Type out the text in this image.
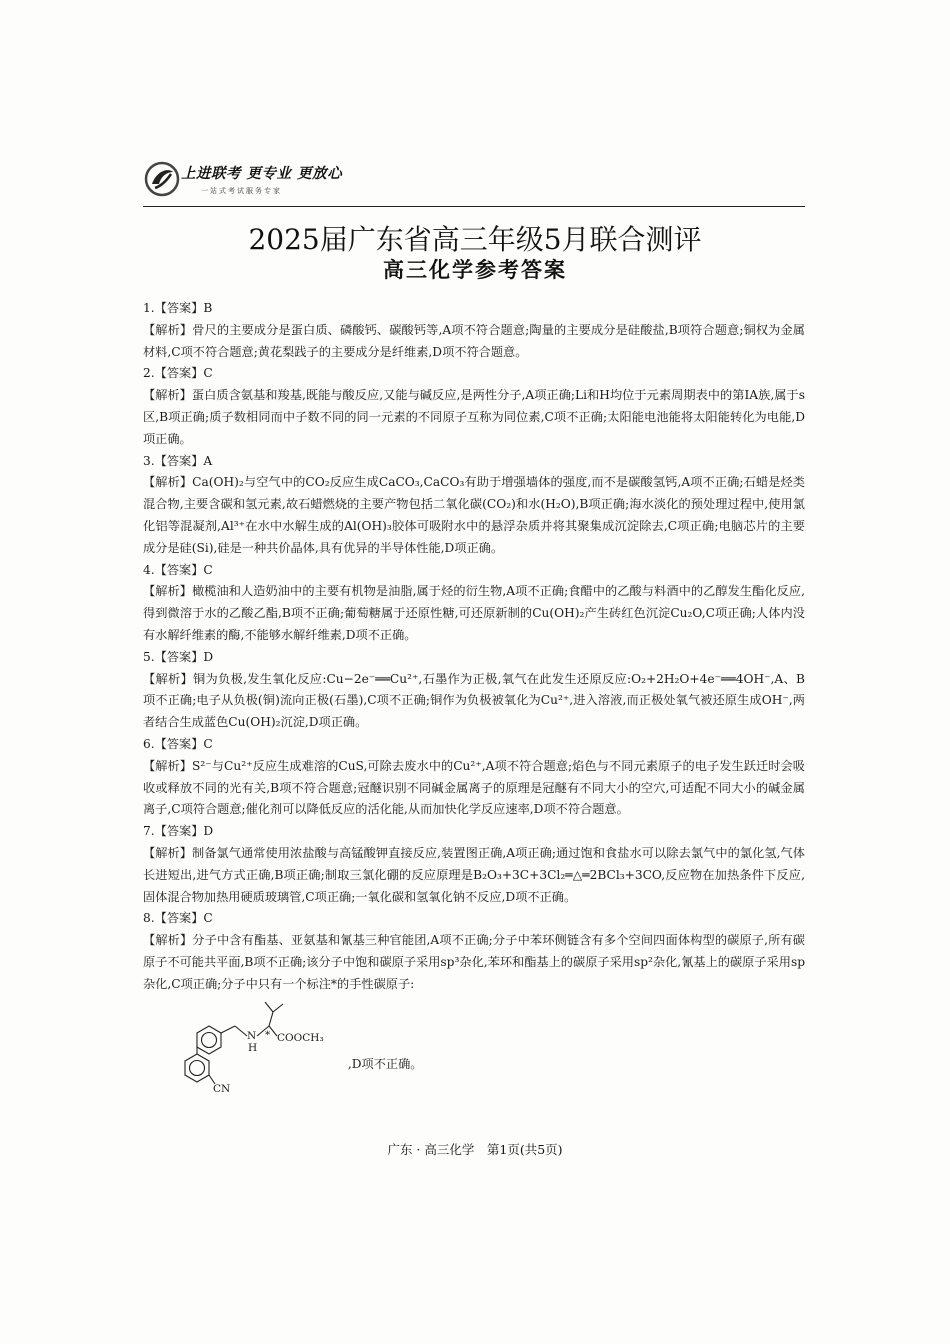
上进联考 更专业 更放心
一站式考试服务专家
2025届广东省高三年级5月联合测评
高三化学参考答案

1.【答案】B

【解析】骨尺的主要成分是蛋白质、磷酸钙、碳酸钙等,A项不符合题意;陶量的主要成分是硅酸盐,B项符合题意;铜权为金属材料,C项不符合题意;黄花梨践子的主要成分是纤维素,D项不符合题意。

2.【答案】C

【解析】蛋白质含氨基和羧基,既能与酸反应,又能与碱反应,是两性分子,A项正确;Li和H均位于元素周期表中的第ⅠA族,属于s区,B项正确;质子数相同而中子数不同的同一元素的不同原子互称为同位素,C项不正确;太阳能电池能将太阳能转化为电能,D项正确。

3.【答案】A

【解析】Ca(OH)₂与空气中的CO₂反应生成CaCO₃,CaCO₃有助于增强墙体的强度,而不是碳酸氢钙,A项不正确;石蜡是烃类混合物,主要含碳和氢元素,故石蜡燃烧的主要产物包括二氧化碳(CO₂)和水(H₂O),B项正确;海水淡化的预处理过程中,使用氯化铝等混凝剂,Al³⁺在水中水解生成的Al(OH)₃胶体可吸附水中的悬浮杂质并将其聚集成沉淀除去,C项正确;电脑芯片的主要成分是硅(Si),硅是一种共价晶体,具有优异的半导体性能,D项正确。

4.【答案】C

【解析】橄榄油和人造奶油中的主要有机物是油脂,属于烃的衍生物,A项不正确;食醋中的乙酸与料酒中的乙醇发生酯化反应,得到微溶于水的乙酸乙酯,B项不正确;葡萄糖属于还原性糖,可还原新制的Cu(OH)₂产生砖红色沉淀Cu₂O,C项正确;人体内没有水解纤维素的酶,不能够水解纤维素,D项不正确。

5.【答案】D

【解析】铜为负极,发生氧化反应:Cu−2e⁻══Cu²⁺,石墨作为正极,氧气在此发生还原反应:O₂+2H₂O+4e⁻══4OH⁻,A、B项不正确;电子从负极(铜)流向正极(石墨),C项不正确;铜作为负极被氧化为Cu²⁺,进入溶液,而正极处氧气被还原生成OH⁻,两者结合生成蓝色Cu(OH)₂沉淀,D项正确。

6.【答案】C

【解析】S²⁻与Cu²⁺反应生成难溶的CuS,可除去废水中的Cu²⁺,A项不符合题意;焰色与不同元素原子的电子发生跃迁时会吸收或释放不同的光有关,B项不符合题意;冠醚识别不同碱金属离子的原理是冠醚有不同大小的空穴,可适配不同大小的碱金属离子,C项符合题意;催化剂可以降低反应的活化能,从而加快化学反应速率,D项不符合题意。

7.【答案】D

【解析】制备氯气通常使用浓盐酸与高锰酸钾直接反应,装置图正确,A项正确;通过饱和食盐水可以除去氯气中的氯化氢,气体长进短出,进气方式正确,B项正确;制取三氯化硼的反应原理是B₂O₃+3C+3Cl₂═△═2BCl₃+3CO,反应物在加热条件下反应,固体混合物加热用硬质玻璃管,C项正确;一氧化碳和氢氧化钠不反应,D项不正确。

8.【答案】C

【解析】分子中含有酯基、亚氨基和氰基三种官能团,A项不正确;分子中苯环侧链含有多个空间四面体构型的碳原子,所有碳原子不可能共平面,B项不正确;该分子中饱和碳原子采用sp³杂化,苯环和酯基上的碳原子采用sp²杂化,氰基上的碳原子采用sp杂化,C项正确;分子中只有一个标注*的手性碳原子:

N
H
* COOCH₃
CN
,D项不正确。
广东 · 高三化学　第1页(共5页)
